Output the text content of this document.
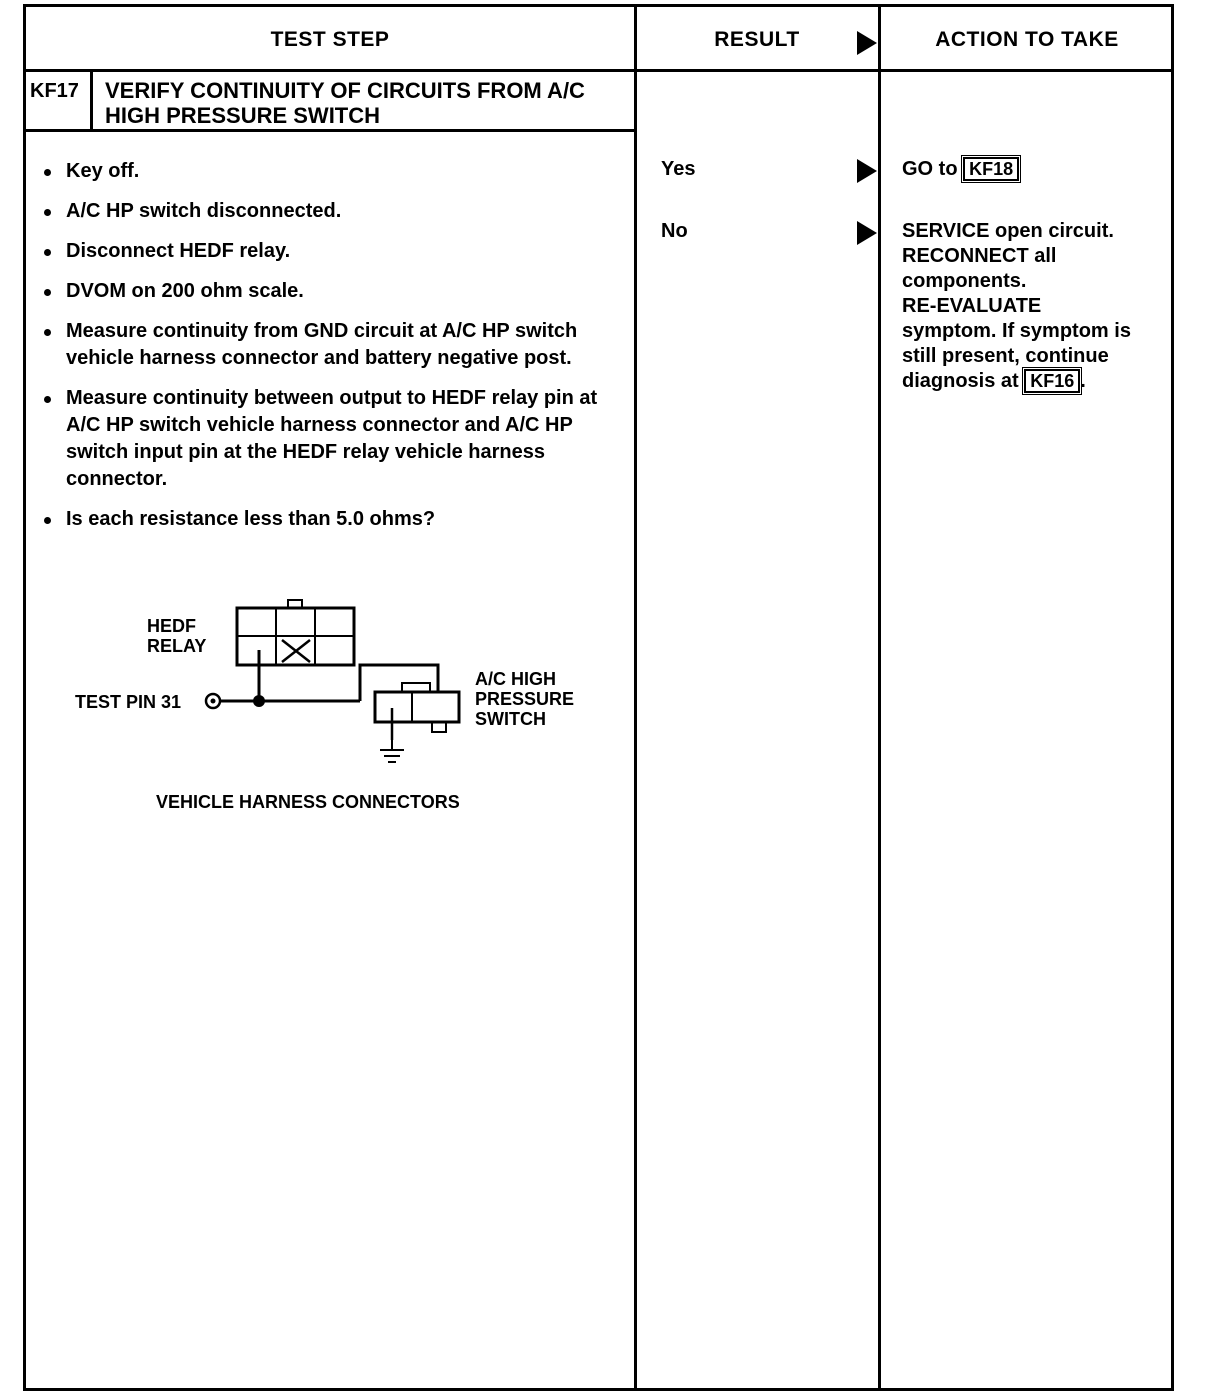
TEST STEP	RESULT	ACTION TO TAKE
KF17 VERIFY CONTINUITY OF CIRCUITS FROM A/C
HIGH PRESSURE SWITCH
Key off.
A/C HP switch disconnected.
Disconnect HEDF relay.
DVOM on 200 ohm scale.
Measure continuity from GND circuit at A/C HP switch vehicle harness connector and battery negative post.
Measure continuity between output to HEDF relay pin at A/C HP switch vehicle harness connector and A/C HP switch input pin at the HEDF relay vehicle harness connector.
Is each resistance less than 5.0 ohms?
HEDF
RELAY
TEST PIN 31
A/C HIGH
PRESSURE
SWITCH
VEHICLE HARNESS CONNECTORS
Yes
No
GO to KF18
SERVICE open circuit.
RECONNECT all
components.
RE-EVALUATE
symptom. If symptom is
still present, continue
diagnosis at KF16 .
